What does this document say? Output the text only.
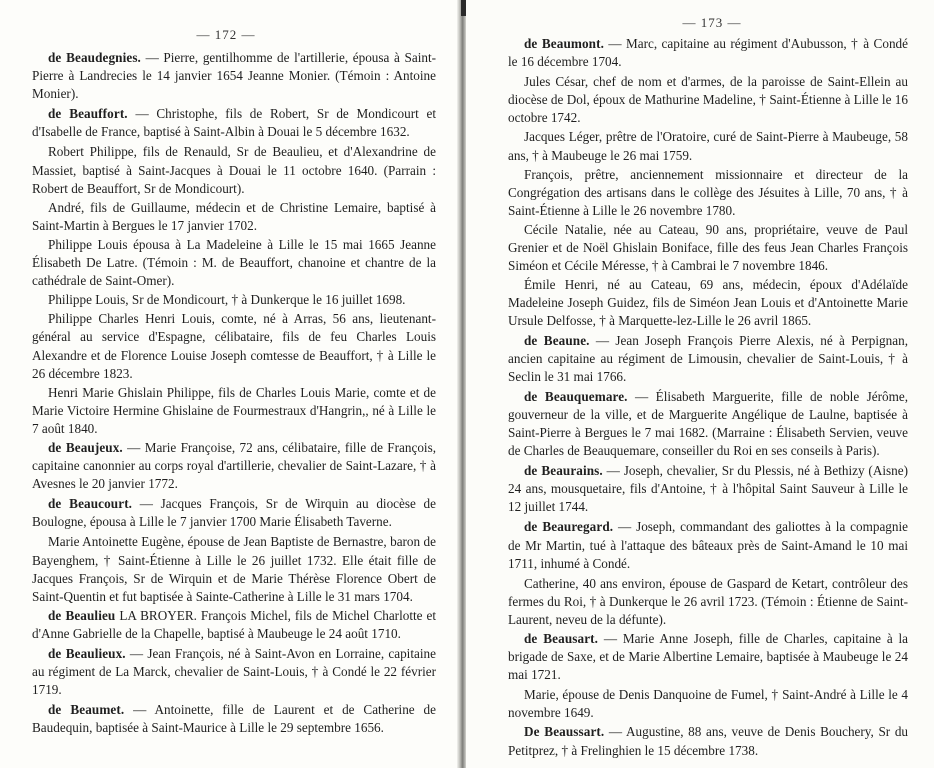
— 172 —

de Beaudegnies. — Pierre, gentilhomme de l'artillerie, épousa à Saint-Pierre à Landrecies le 14 janvier 1654 Jeanne Monier. (Témoin : Antoine Monier).

de Beauffort. — Christophe, fils de Robert, Sr de Mondicourt et d'Isabelle de France, baptisé à Saint-Albin à Douai le 5 décembre 1632.

Robert Philippe, fils de Renauld, Sr de Beaulieu, et d'Alexandrine de Massiet, baptisé à Saint-Jacques à Douai le 11 octobre 1640. (Parrain : Robert de Beauffort, Sr de Mondicourt).

André, fils de Guillaume, médecin et de Christine Lemaire, baptisé à Saint-Martin à Bergues le 17 janvier 1702.

Philippe Louis épousa à La Madeleine à Lille le 15 mai 1665 Jeanne Élisabeth De Latre. (Témoin : M. de Beauffort, chanoine et chantre de la cathédrale de Saint-Omer).

Philippe Louis, Sr de Mondicourt, † à Dunkerque le 16 juillet 1698.

Philippe Charles Henri Louis, comte, né à Arras, 56 ans, lieutenant-général au service d'Espagne, célibataire, fils de feu Charles Louis Alexandre et de Florence Louise Joseph comtesse de Beauffort, † à Lille le 26 décembre 1823.

Henri Marie Ghislain Philippe, fils de Charles Louis Marie, comte et de Marie Victoire Hermine Ghislaine de Fourmestraux d'Hangrin,, né à Lille le 7 août 1840.

de Beaujeux. — Marie Françoise, 72 ans, célibataire, fille de François, capitaine canonnier au corps royal d'artillerie, chevalier de Saint-Lazare, † à Avesnes le 20 janvier 1772.

de Beaucourt. — Jacques François, Sr de Wirquin au diocèse de Boulogne, épousa à Lille le 7 janvier 1700 Marie Élisabeth Taverne.

Marie Antoinette Eugène, épouse de Jean Baptiste de Bernastre, baron de Bayenghem, † Saint-Étienne à Lille le 26 juillet 1732. Elle était fille de Jacques François, Sr de Wirquin et de Marie Thérèse Florence Obert de Saint-Quentin et fut baptisée à Sainte-Catherine à Lille le 31 mars 1704.

de Beaulieu LA BROYER. François Michel, fils de Michel Charlotte et d'Anne Gabrielle de la Chapelle, baptisé à Maubeuge le 24 août 1710.

de Beaulieux. — Jean François, né à Saint-Avon en Lorraine, capitaine au régiment de La Marck, chevalier de Saint-Louis, † à Condé le 22 février 1719.

de Beaumet. — Antoinette, fille de Laurent et de Catherine de Baudequin, baptisée à Saint-Maurice à Lille le 29 septembre 1656.

— 173 —

de Beaumont. — Marc, capitaine au régiment d'Aubusson, † à Condé le 16 décembre 1704.

Jules César, chef de nom et d'armes, de la paroisse de Saint-Ellein au diocèse de Dol, époux de Mathurine Madeline, † Saint-Étienne à Lille le 16 octobre 1742.

Jacques Léger, prêtre de l'Oratoire, curé de Saint-Pierre à Maubeuge, 58 ans, † à Maubeuge le 26 mai 1759.

François, prêtre, anciennement missionnaire et directeur de la Congrégation des artisans dans le collège des Jésuites à Lille, 70 ans, † à Saint-Étienne à Lille le 26 novembre 1780.

Cécile Natalie, née au Cateau, 90 ans, propriétaire, veuve de Paul Grenier et de Noël Ghislain Boniface, fille des feus Jean Charles François Siméon et Cécile Méresse, † à Cambrai le 7 novembre 1846.

Émile Henri, né au Cateau, 69 ans, médecin, époux d'Adélaïde Madeleine Joseph Guidez, fils de Siméon Jean Louis et d'Antoinette Marie Ursule Delfosse, † à Marquette-lez-Lille le 26 avril 1865.

de Beaune. — Jean Joseph François Pierre Alexis, né à Perpignan, ancien capitaine au régiment de Limousin, chevalier de Saint-Louis, † à Seclin le 31 mai 1766.

de Beauquemare. — Élisabeth Marguerite, fille de noble Jérôme, gouverneur de la ville, et de Marguerite Angélique de Laulne, baptisée à Saint-Pierre à Bergues le 7 mai 1682. (Marraine : Élisabeth Servien, veuve de Charles de Beauquemare, conseiller du Roi en ses conseils à Paris).

de Beaurains. — Joseph, chevalier, Sr du Plessis, né à Bethizy (Aisne) 24 ans, mousquetaire, fils d'Antoine, † à l'hôpital Saint Sauveur à Lille le 12 juillet 1744.

de Beauregard. — Joseph, commandant des galiottes à la compagnie de Mr Martin, tué à l'attaque des bâteaux près de Saint-Amand le 10 mai 1711, inhumé à Condé.

Catherine, 40 ans environ, épouse de Gaspard de Ketart, contrôleur des fermes du Roi, † à Dunkerque le 26 avril 1723. (Témoin : Étienne de Saint-Laurent, neveu de la défunte).

de Beausart. — Marie Anne Joseph, fille de Charles, capitaine à la brigade de Saxe, et de Marie Albertine Lemaire, baptisée à Maubeuge le 24 mai 1721.

Marie, épouse de Denis Danquoine de Fumel, † Saint-André à Lille le 4 novembre 1649.

De Beaussart. — Augustine, 88 ans, veuve de Denis Bouchery, Sr du Petitprez, † à Frelinghien le 15 décembre 1738.
